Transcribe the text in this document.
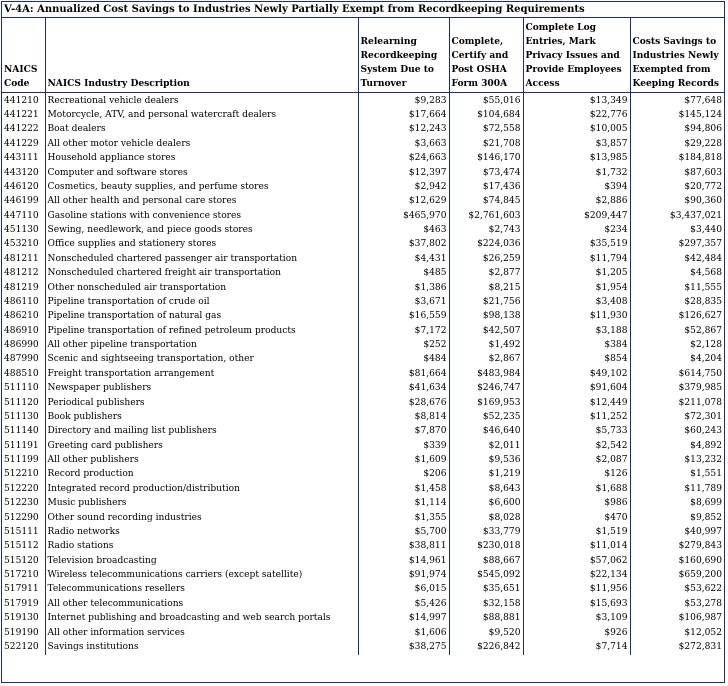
V-4A: Annualized Cost Savings to Industries Newly Partially Exempt from Recordkeeping Requirements
NAICS Code	NAICS Industry Description	Relearning Recordkeeping System Due to Turnover	Complete, Certify and Post OSHA Form 300A	Complete Log Entries, Mark Privacy Issues and Provide Employees Access	Costs Savings to Industries Newly Exempted from Keeping Records
441210	Recreational vehicle dealers	$9,283	$55,016	$13,349	$77,648
441221	Motorcycle, ATV, and personal watercraft dealers	$17,664	$104,684	$22,776	$145,124
441222	Boat dealers	$12,243	$72,558	$10,005	$94,806
441229	All other motor vehicle dealers	$3,663	$21,708	$3,857	$29,228
443111	Household appliance stores	$24,663	$146,170	$13,985	$184,818
443120	Computer and software stores	$12,397	$73,474	$1,732	$87,603
446120	Cosmetics, beauty supplies, and perfume stores	$2,942	$17,436	$394	$20,772
446199	All other health and personal care stores	$12,629	$74,845	$2,886	$90,360
447110	Gasoline stations with convenience stores	$465,970	$2,761,603	$209,447	$3,437,021
451130	Sewing, needlework, and piece goods stores	$463	$2,743	$234	$3,440
453210	Office supplies and stationery stores	$37,802	$224,036	$35,519	$297,357
481211	Nonscheduled chartered passenger air transportation	$4,431	$26,259	$11,794	$42,484
481212	Nonscheduled chartered freight air transportation	$485	$2,877	$1,205	$4,568
481219	Other nonscheduled air transportation	$1,386	$8,215	$1,954	$11,555
486110	Pipeline transportation of crude oil	$3,671	$21,756	$3,408	$28,835
486210	Pipeline transportation of natural gas	$16,559	$98,138	$11,930	$126,627
486910	Pipeline transportation of refined petroleum products	$7,172	$42,507	$3,188	$52,867
486990	All other pipeline transportation	$252	$1,492	$384	$2,128
487990	Scenic and sightseeing transportation, other	$484	$2,867	$854	$4,204
488510	Freight transportation arrangement	$81,664	$483,984	$49,102	$614,750
511110	Newspaper publishers	$41,634	$246,747	$91,604	$379,985
511120	Periodical publishers	$28,676	$169,953	$12,449	$211,078
511130	Book publishers	$8,814	$52,235	$11,252	$72,301
511140	Directory and mailing list publishers	$7,870	$46,640	$5,733	$60,243
511191	Greeting card publishers	$339	$2,011	$2,542	$4,892
511199	All other publishers	$1,609	$9,536	$2,087	$13,232
512210	Record production	$206	$1,219	$126	$1,551
512220	Integrated record production/distribution	$1,458	$8,643	$1,688	$11,789
512230	Music publishers	$1,114	$6,600	$986	$8,699
512290	Other sound recording industries	$1,355	$8,028	$470	$9,852
515111	Radio networks	$5,700	$33,779	$1,519	$40,997
515112	Radio stations	$38,811	$230,018	$11,014	$279,843
515120	Television broadcasting	$14,961	$88,667	$57,062	$160,690
517210	Wireless telecommunications carriers (except satellite)	$91,974	$545,092	$22,134	$659,200
517911	Telecommunications resellers	$6,015	$35,651	$11,956	$53,622
517919	All other telecommunications	$5,426	$32,158	$15,693	$53,278
519130	Internet publishing and broadcasting and web search portals	$14,997	$88,881	$3,109	$106,987
519190	All other information services	$1,606	$9,520	$926	$12,052
522120	Savings institutions	$38,275	$226,842	$7,714	$272,831
